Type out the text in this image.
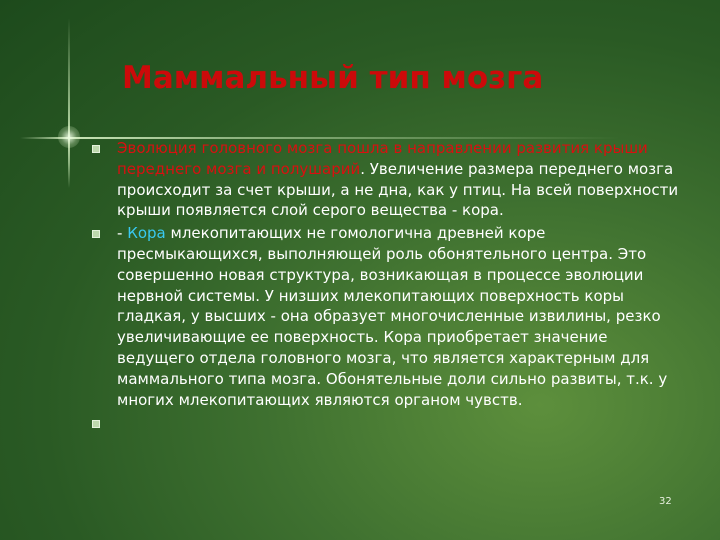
Маммальный тип мозга
Эволюция головного мозга пошла в направлении развития крыши переднего мозга и полушарий. Увеличение размера переднего мозга происходит за счет крыши, а не дна, как у птиц. На всей поверхности крыши появляется слой серого вещества - кора.
- Кора млекопитающих не гомологична древней коре пресмыкающихся, выполняющей роль обонятельного центра. Это совершенно новая структура, возникающая в процессе эволюции нервной системы. У низших млекопитающих поверхность коры гладкая, у высших - она образует многочисленные извилины, резко увеличивающие ее поверхность. Кора приобретает значение ведущего отдела головного мозга, что является характерным для маммального типа мозга. Обонятельные доли сильно развиты, т.к. у многих млекопитающих являются органом чувств.
32
